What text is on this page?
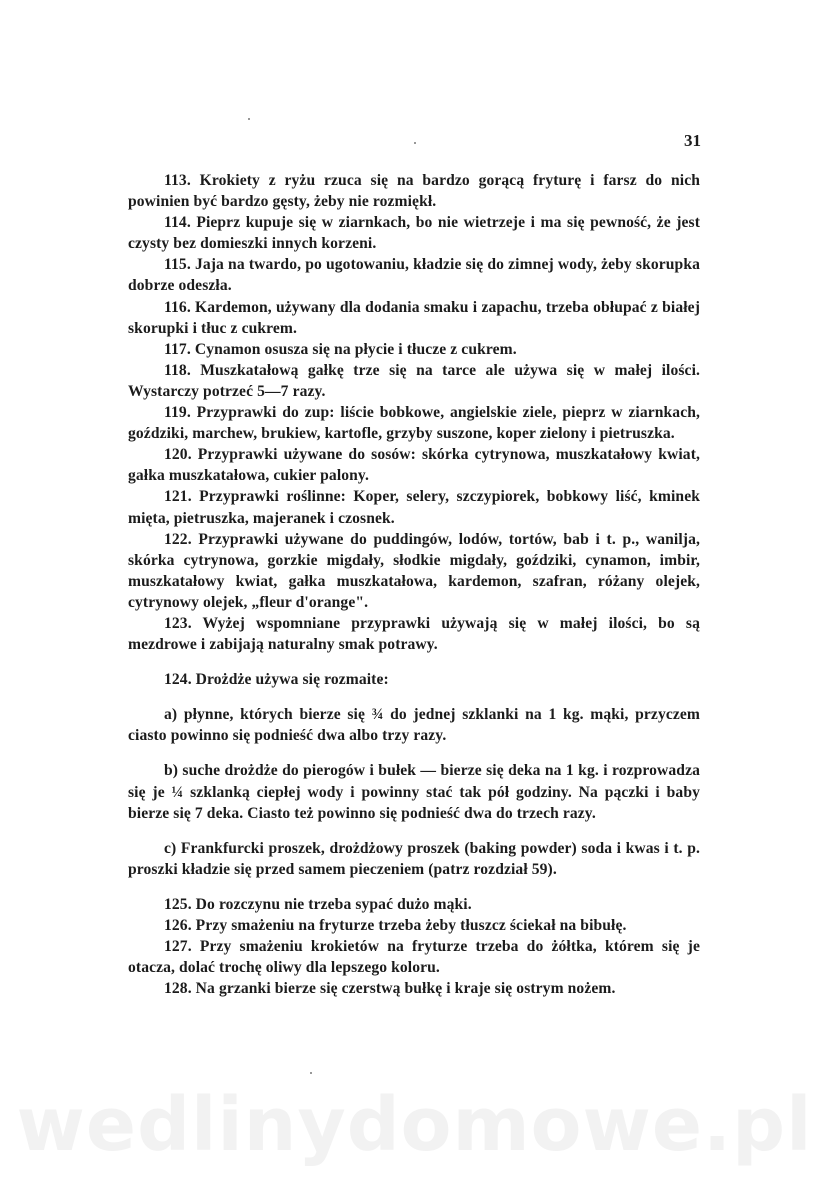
31

113. Krokiety z ryżu rzuca się na bardzo gorącą fryturę i farsz do nich powinien być bardzo gęsty, żeby nie rozmiękł.

114. Pieprz kupuje się w ziarnkach, bo nie wietrzeje i ma się pewność, że jest czysty bez domieszki innych korzeni.

115. Jaja na twardo, po ugotowaniu, kładzie się do zimnej wody, żeby skorupka dobrze odeszła.

116. Kardemon, używany dla dodania smaku i zapachu, trzeba obłupać z białej skorupki i tłuc z cukrem.

117. Cynamon osusza się na płycie i tłucze z cukrem.

118. Muszkatałową gałkę trze się na tarce ale używa się w małej ilości. Wystarczy potrzeć 5—7 razy.

119. Przyprawki do zup: liście bobkowe, angielskie ziele, pieprz w ziarnkach, goździki, marchew, brukiew, kartofle, grzyby suszone, koper zielony i pietruszka.

120. Przyprawki używane do sosów: skórka cytrynowa, muszkatałowy kwiat, gałka muszkatałowa, cukier palony.

121. Przyprawki roślinne: Koper, selery, szczypiorek, bobkowy liść, kminek mięta, pietruszka, majeranek i czosnek.

122. Przyprawki używane do puddingów, lodów, tortów, bab i t. p., wanilja, skórka cytrynowa, gorzkie migdały, słodkie migdały, goździki, cynamon, imbir, muszkatałowy kwiat, gałka muszkatałowa, kardemon, szafran, różany olejek, cytrynowy olejek, „fleur d'orange".

123. Wyżej wspomniane przyprawki używają się w małej ilości, bo są mezdrowe i zabijają naturalny smak potrawy.

124. Drożdże używa się rozmaite:

a) płynne, których bierze się ¾ do jednej szklanki na 1 kg. mąki, przyczem ciasto powinno się podnieść dwa albo trzy razy.

b) suche drożdże do pierogów i bułek — bierze się deka na 1 kg. i rozprowadza się je ¼ szklanką ciepłej wody i powinny stać tak pół godziny. Na pączki i baby bierze się 7 deka. Ciasto też powinno się podnieść dwa do trzech razy.

c) Frankfurcki proszek, drożdżowy proszek (baking powder) soda i kwas i t. p. proszki kładzie się przed samem pieczeniem (patrz rozdział 59).

125. Do rozczynu nie trzeba sypać dużo mąki.

126. Przy smażeniu na fryturze trzeba żeby tłuszcz ściekał na bibułę.

127. Przy smażeniu krokietów na fryturze trzeba do żółtka, którem się je otacza, dolać trochę oliwy dla lepszego koloru.

128. Na grzanki bierze się czerstwą bułkę i kraje się ostrym nożem.

wedlinydomowe.pl
